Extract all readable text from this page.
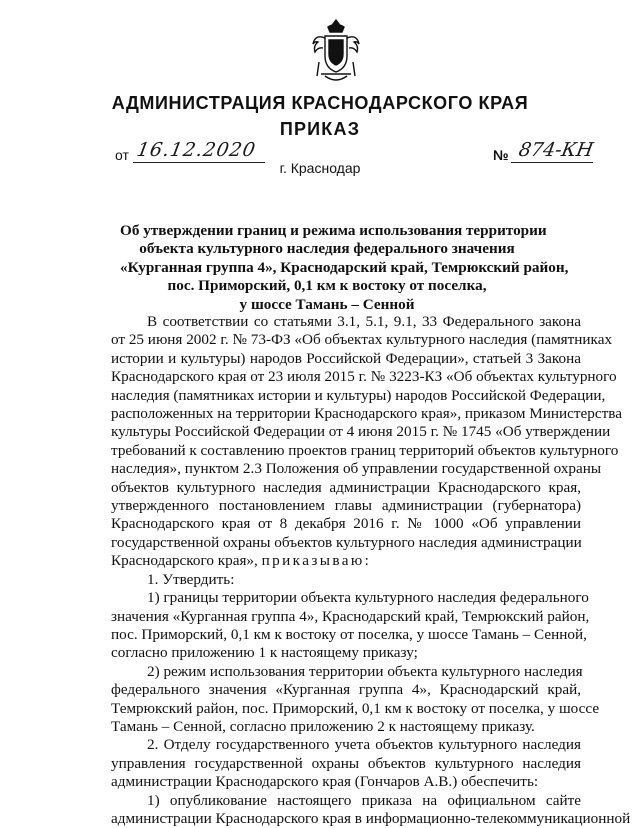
АДМИНИСТРАЦИЯ КРАСНОДАРСКОГО КРАЯ
ПРИКАЗ
от 16.12.2020	№ 874-КН
г. Краснодар
Об утверждении границ и режима использования территории
объекта культурного наследия федерального значения
«Курганная группа 4», Краснодарский край, Темрюкский район,
пос. Приморский, 0,1 км к востоку от поселка,
у шоссе Тамань – Сенной
В соответствии со статьями 3.1, 5.1, 9.1, 33 Федерального закона
от 25 июня 2002 г. № 73-ФЗ «Об объектах культурного наследия (памятниках
истории и культуры) народов Российской Федерации», статьей 3 Закона
Краснодарского края от 23 июля 2015 г. № 3223-КЗ «Об объектах культурного
наследия (памятниках истории и культуры) народов Российской Федерации,
расположенных на территории Краснодарского края», приказом Министерства
культуры Российской Федерации от 4 июня 2015 г. № 1745 «Об утверждении
требований к составлению проектов границ территорий объектов культурного
наследия», пунктом 2.3 Положения об управлении государственной охраны
объектов культурного наследия администрации Краснодарского края,
утвержденного постановлением главы администрации (губернатора)
Краснодарского края от 8 декабря 2016 г. № 1000 «Об управлении
государственной охраны объектов культурного наследия администрации
Краснодарского края», приказываю:
1. Утвердить:
1) границы территории объекта культурного наследия федерального
значения «Курганная группа 4», Краснодарский край, Темрюкский район,
пос. Приморский, 0,1 км к востоку от поселка, у шоссе Тамань – Сенной,
согласно приложению 1 к настоящему приказу;
2) режим использования территории объекта культурного наследия
федерального значения «Курганная группа 4», Краснодарский край,
Темрюкский район, пос. Приморский, 0,1 км к востоку от поселка, у шоссе
Тамань – Сенной, согласно приложению 2 к настоящему приказу.
2. Отделу государственного учета объектов культурного наследия
управления государственной охраны объектов культурного наследия
администрации Краснодарского края (Гончаров А.В.) обеспечить:
1) опубликование настоящего приказа на официальном сайте
администрации Краснодарского края в информационно-телекоммуникационной
